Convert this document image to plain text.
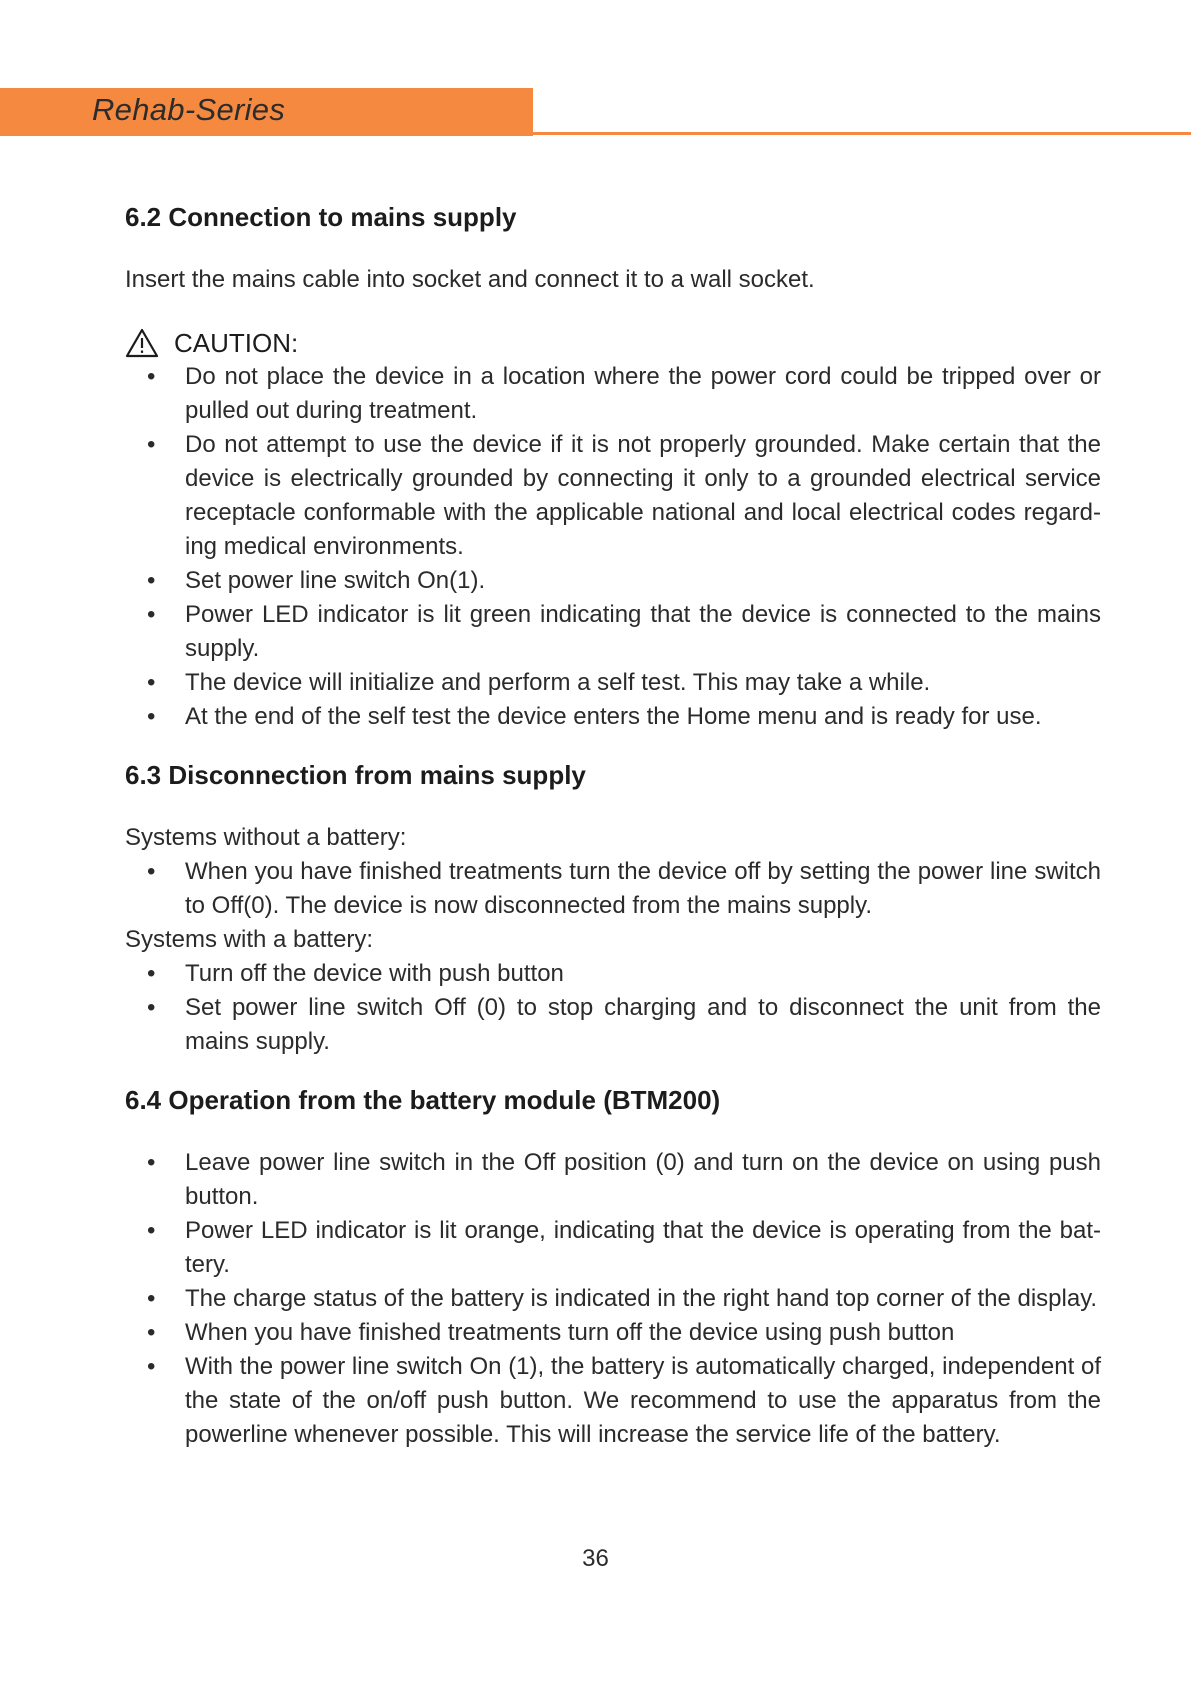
Rehab-Series
6.2 Connection to mains supply

Insert the mains cable into socket and connect it to a wall socket.

CAUTION:
• Do not place the device in a location where the power cord could be tripped over or pulled out during treatment.
• Do not attempt to use the device if it is not properly grounded. Make certain that the device is electrically grounded by connecting it only to a grounded electrical service receptacle conformable with the applicable national and local electrical codes regard-ing medical environments.
• Set power line switch On(1).
• Power LED indicator is lit green indicating that the device is connected to the mains supply.
• The device will initialize and perform a self test. This may take a while.
• At the end of the self test the device enters the Home menu and is ready for use.
6.3 Disconnection from mains supply

Systems without a battery:

• When you have finished treatments turn the device off by setting the power line switch to Off(0). The device is now disconnected from the mains supply.

Systems with a battery:

• Turn off the device with push button
• Set power line switch Off (0) to stop charging and to disconnect the unit from the mains supply.
6.4 Operation from the battery module (BTM200)
• Leave power line switch in the Off position (0) and turn on the device on using push button.
• Power LED indicator is lit orange, indicating that the device is operating from the bat-tery.
• The charge status of the battery is indicated in the right hand top corner of the display.
• When you have finished treatments turn off the device using push button
• With the power line switch On (1), the battery is automatically charged, independent of the state of the on/off push button. We recommend to use the apparatus from the powerline whenever possible. This will increase the service life of the battery.
36
